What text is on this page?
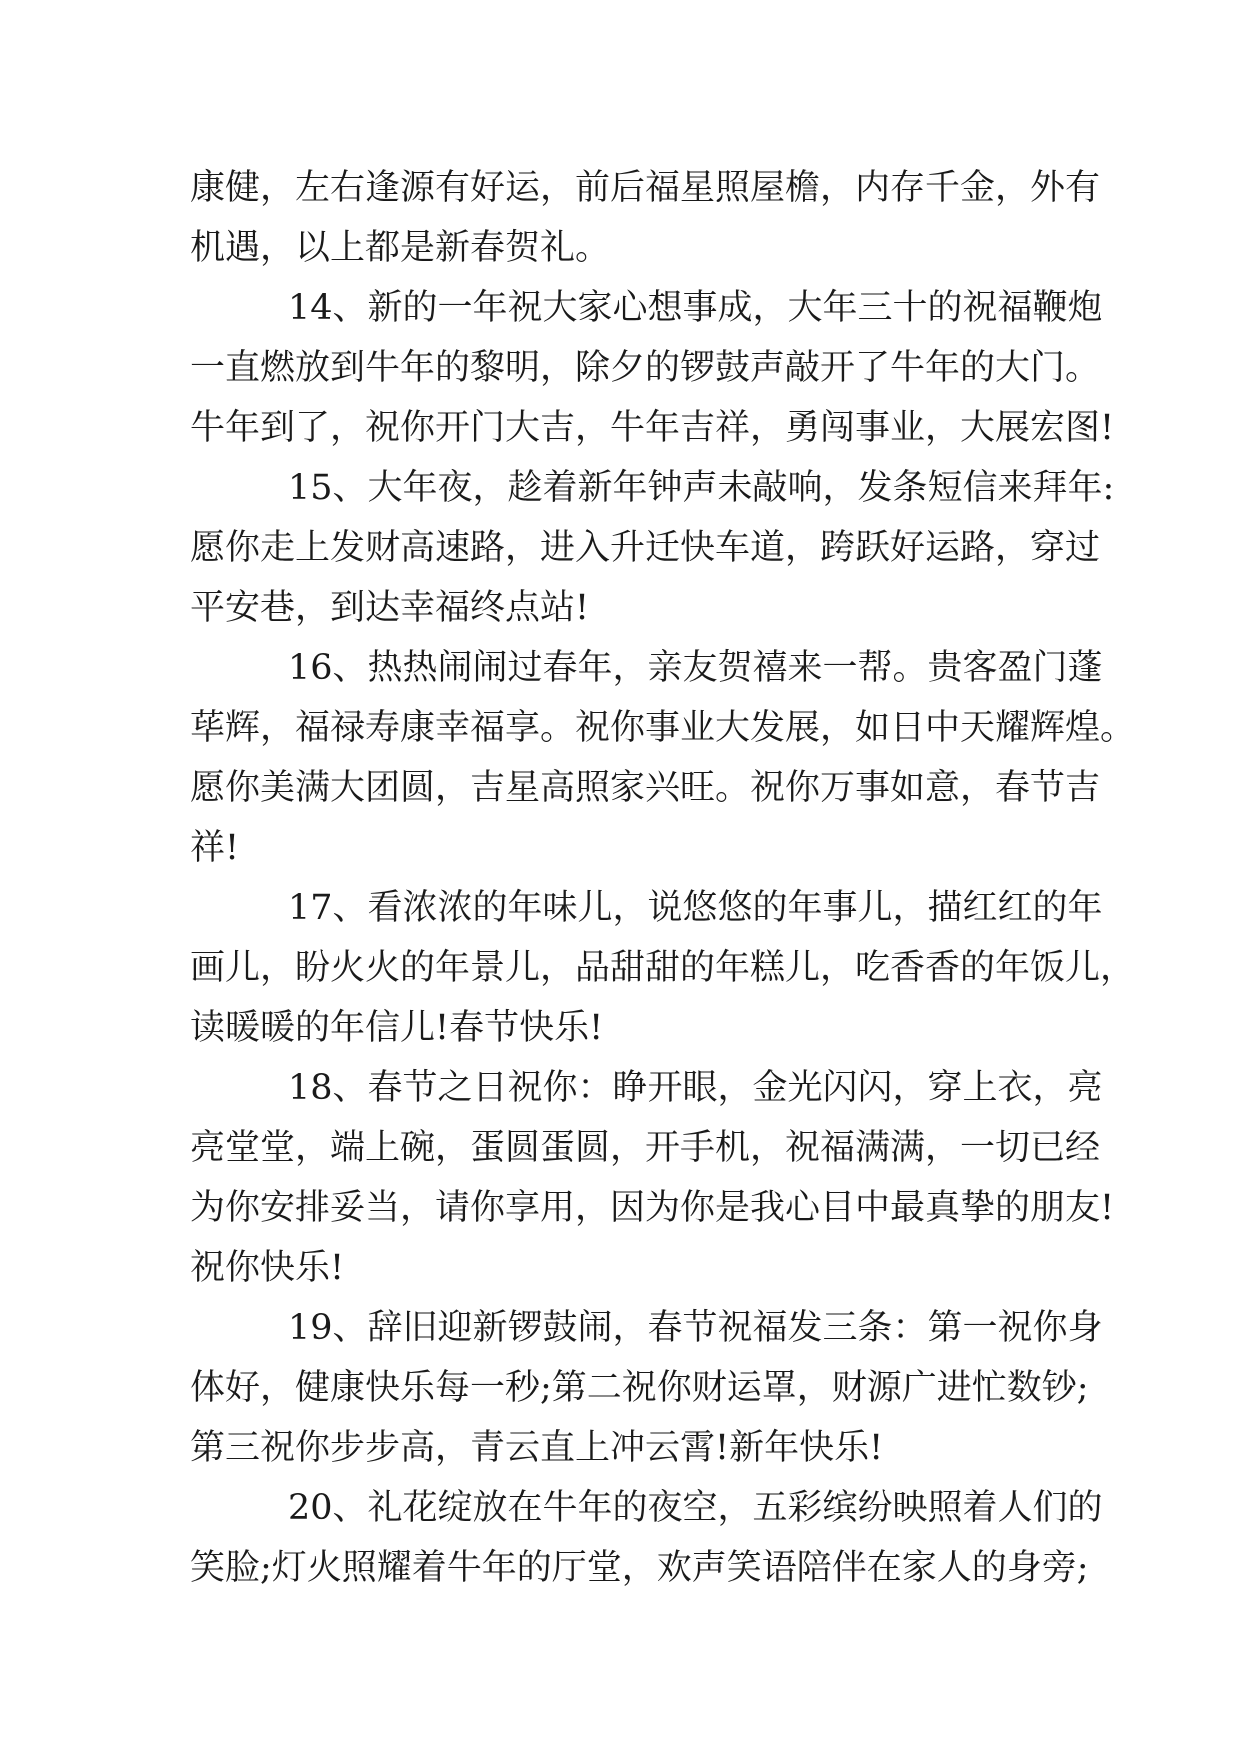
康健，左右逢源有好运，前后福星照屋檐，内存千金，外有
机遇，以上都是新春贺礼。
14、新的一年祝大家心想事成，大年三十的祝福鞭炮
一直燃放到牛年的黎明，除夕的锣鼓声敲开了牛年的大门。
牛年到了，祝你开门大吉，牛年吉祥，勇闯事业，大展宏图!
15、大年夜，趁着新年钟声未敲响，发条短信来拜年:
愿你走上发财高速路，进入升迁快车道，跨跃好运路，穿过
平安巷，到达幸福终点站!
16、热热闹闹过春年，亲友贺禧来一帮。贵客盈门蓬
荜辉，福禄寿康幸福享。祝你事业大发展，如日中天耀辉煌。
愿你美满大团圆，吉星高照家兴旺。祝你万事如意，春节吉
祥!
17、看浓浓的年味儿，说悠悠的年事儿，描红红的年
画儿，盼火火的年景儿，品甜甜的年糕儿，吃香香的年饭儿，
读暖暖的年信儿!春节快乐!
18、春节之日祝你：睁开眼，金光闪闪，穿上衣，亮
亮堂堂，端上碗，蛋圆蛋圆，开手机，祝福满满，一切已经
为你安排妥当，请你享用，因为你是我心目中最真挚的朋友!
祝你快乐!
19、辞旧迎新锣鼓闹，春节祝福发三条：第一祝你身
体好，健康快乐每一秒;第二祝你财运罩，财源广进忙数钞;
第三祝你步步高，青云直上冲云霄!新年快乐!
20、礼花绽放在牛年的夜空，五彩缤纷映照着人们的
笑脸;灯火照耀着牛年的厅堂，欢声笑语陪伴在家人的身旁;
